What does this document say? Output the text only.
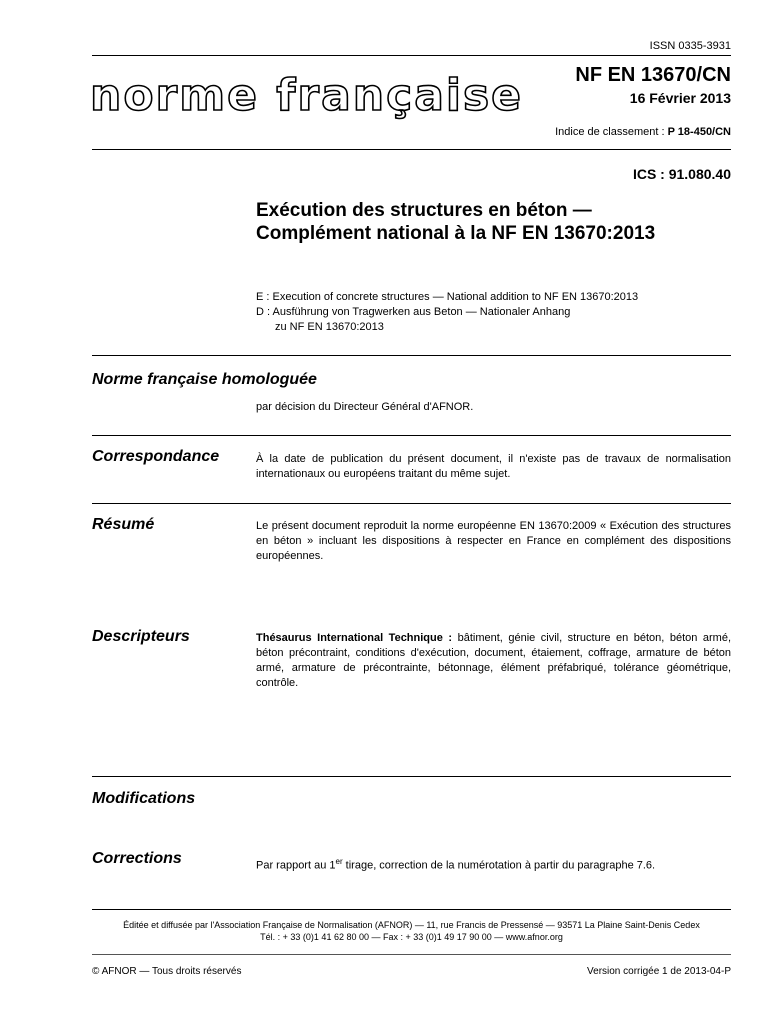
ISSN 0335-3931
norme française	NF EN 13670/CN
16 Février 2013
Indice de classement : P 18-450/CN
ICS : 91.080.40
Exécution des structures en béton —
Complément national à la NF EN 13670:2013
E : Execution of concrete structures — National addition to NF EN 13670:2013
D : Ausführung von Tragwerken aus Beton — Nationaler Anhang
zu NF EN 13670:2013
Norme française homologuée
par décision du Directeur Général d'AFNOR.
Correspondance	À la date de publication du présent document, il n'existe pas de travaux de normalisation internationaux ou européens traitant du même sujet.
Résumé	Le présent document reproduit la norme européenne EN 13670:2009 « Exécution des structures en béton » incluant les dispositions à respecter en France en complément des dispositions européennes.
Descripteurs	Thésaurus International Technique : bâtiment, génie civil, structure en béton, béton armé, béton précontraint, conditions d'exécution, document, étaiement, coffrage, armature de béton armé, armature de précontrainte, bétonnage, élément préfabriqué, tolérance géométrique, contrôle.
Modifications
Corrections	Par rapport au 1er tirage, correction de la numérotation à partir du paragraphe 7.6.
Éditée et diffusée par l'Association Française de Normalisation (AFNOR) — 11, rue Francis de Pressensé — 93571 La Plaine Saint-Denis Cedex
Tél. : + 33 (0)1 41 62 80 00 — Fax : + 33 (0)1 49 17 90 00 — www.afnor.org
© AFNOR — Tous droits réservés	Version corrigée 1 de 2013-04-P
